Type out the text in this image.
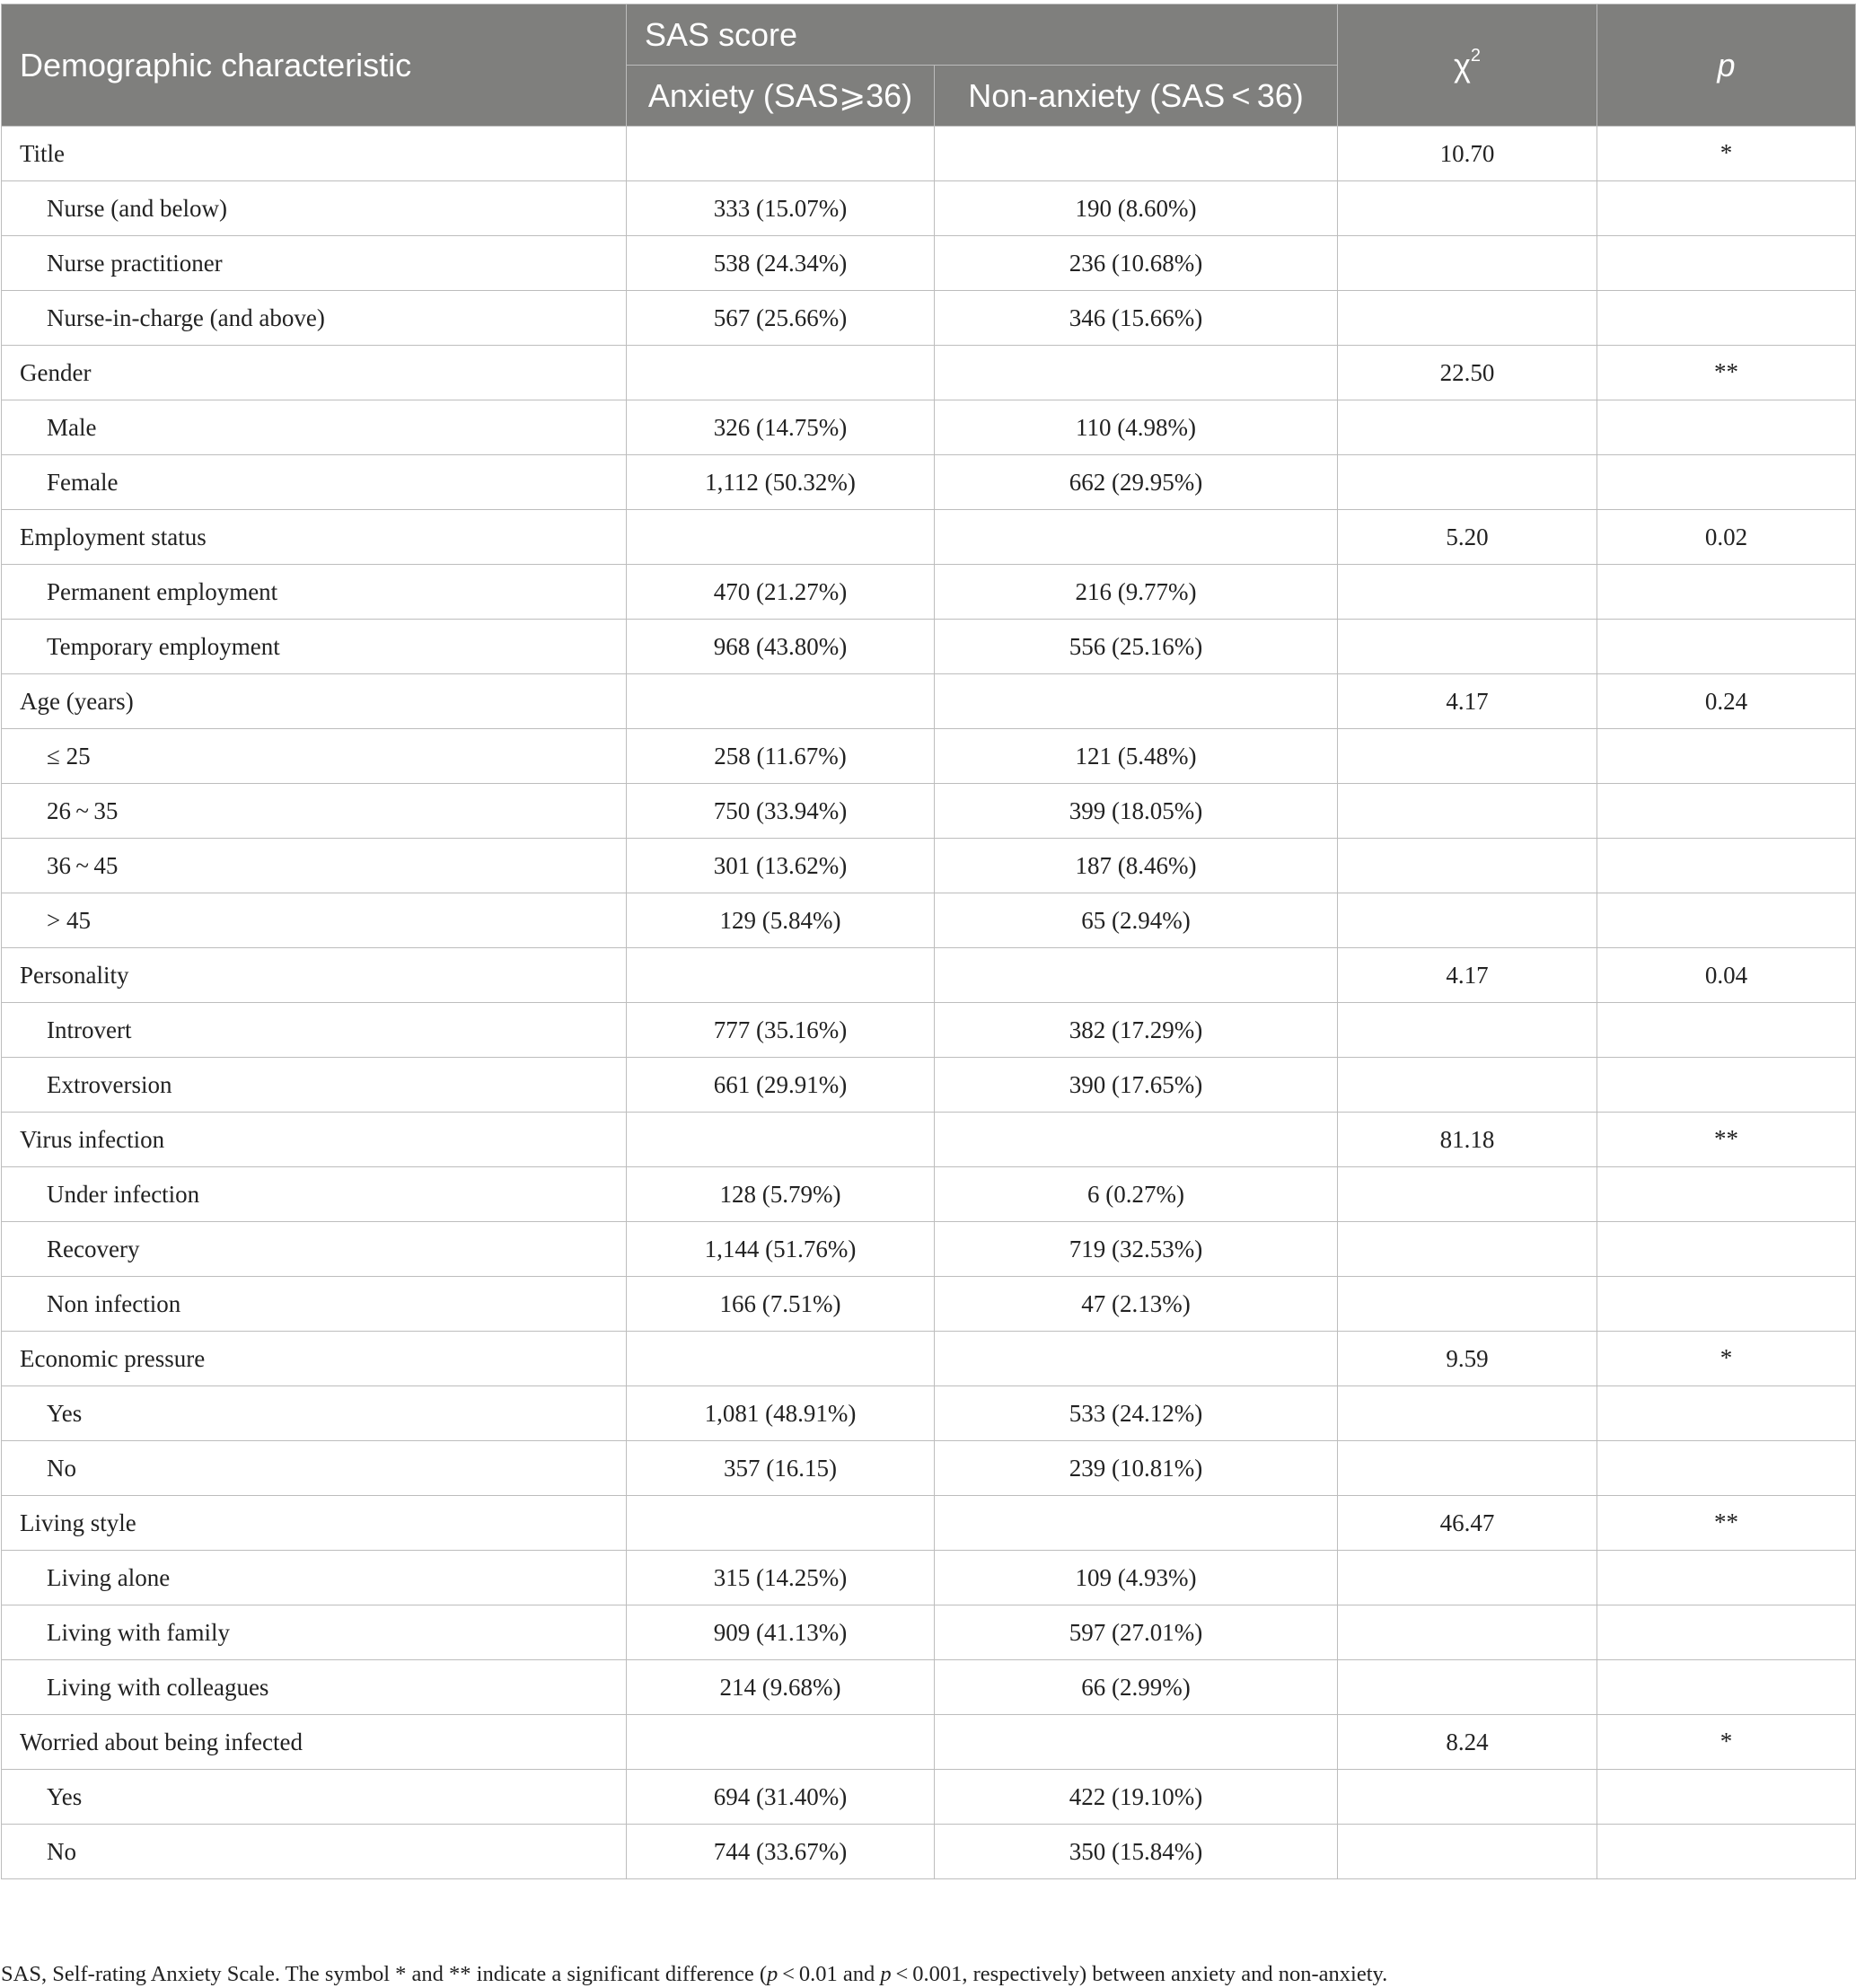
Demographic characteristic	SAS score		$\chi^2$	p
	Anxiety (SAS⩾36)	Non-anxiety (SAS < 36)		
Title			10.70	*
Nurse (and below)	333 (15.07%)	190 (8.60%)		
Nurse practitioner	538 (24.34%)	236 (10.68%)		
Nurse-in-charge (and above)	567 (25.66%)	346 (15.66%)		
Gender			22.50	**
Male	326 (14.75%)	110 (4.98%)		
Female	1,112 (50.32%)	662 (29.95%)		
Employment status			5.20	0.02
Permanent employment	470 (21.27%)	216 (9.77%)		
Temporary employment	968 (43.80%)	556 (25.16%)		
Age (years)			4.17	0.24
≤ 25	258 (11.67%)	121 (5.48%)		
26 ~ 35	750 (33.94%)	399 (18.05%)		
36 ~ 45	301 (13.62%)	187 (8.46%)		
> 45	129 (5.84%)	65 (2.94%)		
Personality			4.17	0.04
Introvert	777 (35.16%)	382 (17.29%)		
Extroversion	661 (29.91%)	390 (17.65%)		
Virus infection			81.18	**
Under infection	128 (5.79%)	6 (0.27%)		
Recovery	1,144 (51.76%)	719 (32.53%)		
Non infection	166 (7.51%)	47 (2.13%)		
Economic pressure			9.59	*
Yes	1,081 (48.91%)	533 (24.12%)		
No	357 (16.15)	239 (10.81%)		
Living style			46.47	**
Living alone	315 (14.25%)	109 (4.93%)		
Living with family	909 (41.13%)	597 (27.01%)		
Living with colleagues	214 (9.68%)	66 (2.99%)		
Worried about being infected			8.24	*
Yes	694 (31.40%)	422 (19.10%)		
No	744 (33.67%)	350 (15.84%)		
SAS, Self-rating Anxiety Scale. The symbol * and ** indicate a significant difference (p < 0.01 and p < 0.001, respectively) between anxiety and non-anxiety.
